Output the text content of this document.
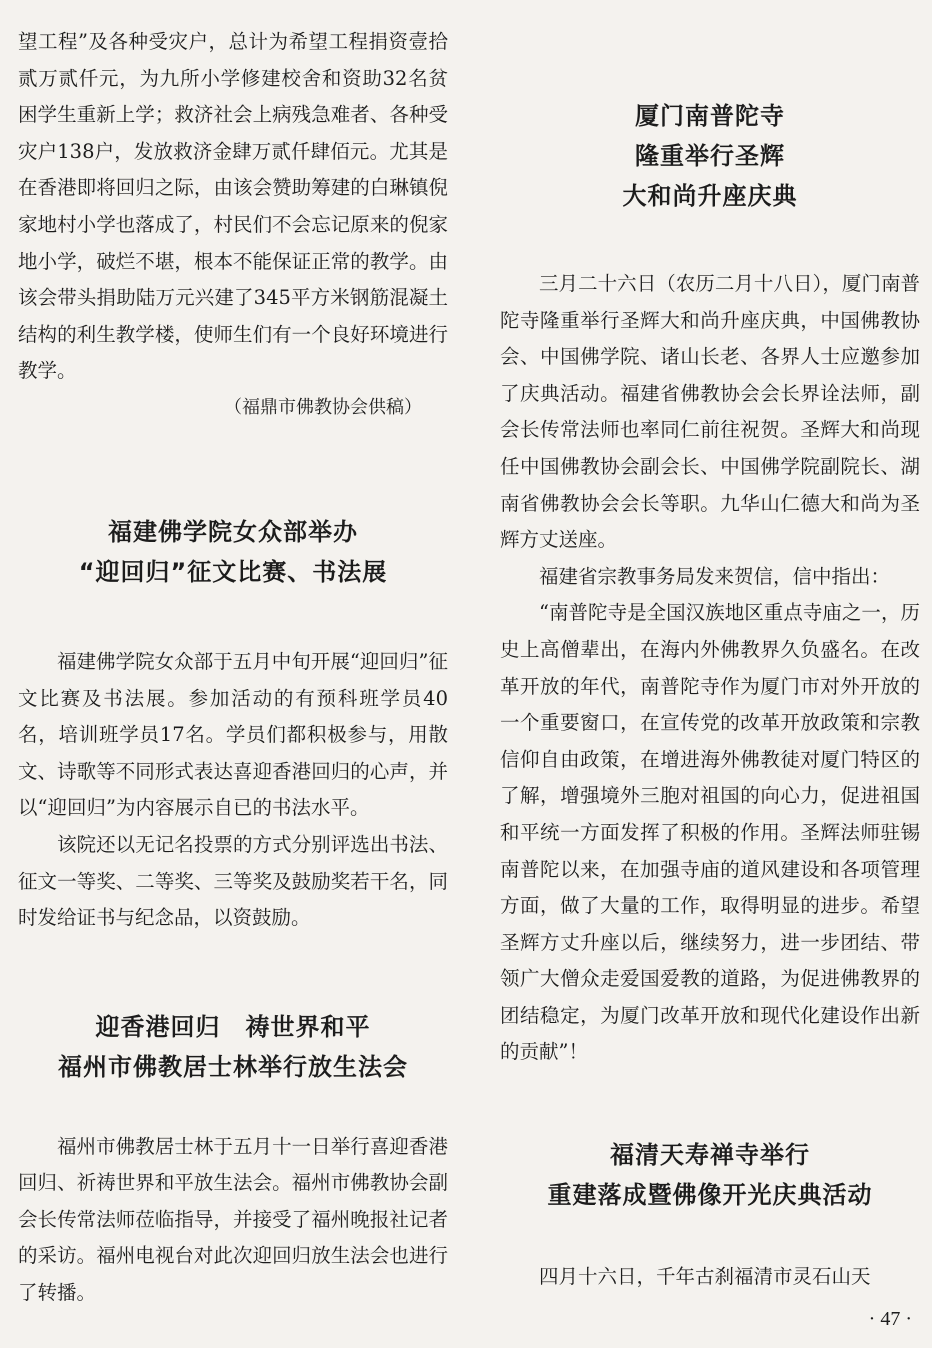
望工程”及各种受灾户，总计为希望工程捐资壹拾贰万贰仟元，为九所小学修建校舍和资助32名贫困学生重新上学；救济社会上病残急难者、各种受灾户138户，发放救济金肆万贰仟肆佰元。尤其是在香港即将回归之际，由该会赞助筹建的白琳镇倪家地村小学也落成了，村民们不会忘记原来的倪家地小学，破烂不堪，根本不能保证正常的教学。由该会带头捐助陆万元兴建了345平方米钢筋混凝土结构的利生教学楼，使师生们有一个良好环境进行教学。

（福鼎市佛教协会供稿）
福建佛学院女众部举办
“迎回归”征文比赛、书法展

福建佛学院女众部于五月中旬开展“迎回归”征文比赛及书法展。参加活动的有预科班学员40名，培训班学员17名。学员们都积极参与，用散文、诗歌等不同形式表达喜迎香港回归的心声，并以“迎回归”为内容展示自已的书法水平。

该院还以无记名投票的方式分别评选出书法、征文一等奖、二等奖、三等奖及鼓励奖若干名，同时发给证书与纪念品，以资鼓励。

迎香港回归　祷世界和平
福州市佛教居士林举行放生法会

福州市佛教居士林于五月十一日举行喜迎香港回归、祈祷世界和平放生法会。福州市佛教协会副会长传常法师莅临指导，并接受了福州晚报社记者的采访。福州电视台对此次迎回归放生法会也进行了转播。

厦门南普陀寺
隆重举行圣辉
大和尚升座庆典

三月二十六日（农历二月十八日），厦门南普陀寺隆重举行圣辉大和尚升座庆典，中国佛教协会、中国佛学院、诸山长老、各界人士应邀参加了庆典活动。福建省佛教协会会长界诠法师，副会长传常法师也率同仁前往祝贺。圣辉大和尚现任中国佛教协会副会长、中国佛学院副院长、湖南省佛教协会会长等职。九华山仁德大和尚为圣辉方丈送座。

福建省宗教事务局发来贺信，信中指出：

“南普陀寺是全国汉族地区重点寺庙之一，历史上高僧辈出，在海内外佛教界久负盛名。在改革开放的年代，南普陀寺作为厦门市对外开放的一个重要窗口，在宣传党的改革开放政策和宗教信仰自由政策，在增进海外佛教徒对厦门特区的了解，增强境外三胞对祖国的向心力，促进祖国和平统一方面发挥了积极的作用。圣辉法师驻锡南普陀以来，在加强寺庙的道风建设和各项管理方面，做了大量的工作，取得明显的进步。希望圣辉方丈升座以后，继续努力，进一步团结、带领广大僧众走爱国爱教的道路，为促进佛教界的团结稳定，为厦门改革开放和现代化建设作出新的贡献”！

福清天寿禅寺举行
重建落成暨佛像开光庆典活动

四月十六日，千年古刹福清市灵石山天

· 47 ·
